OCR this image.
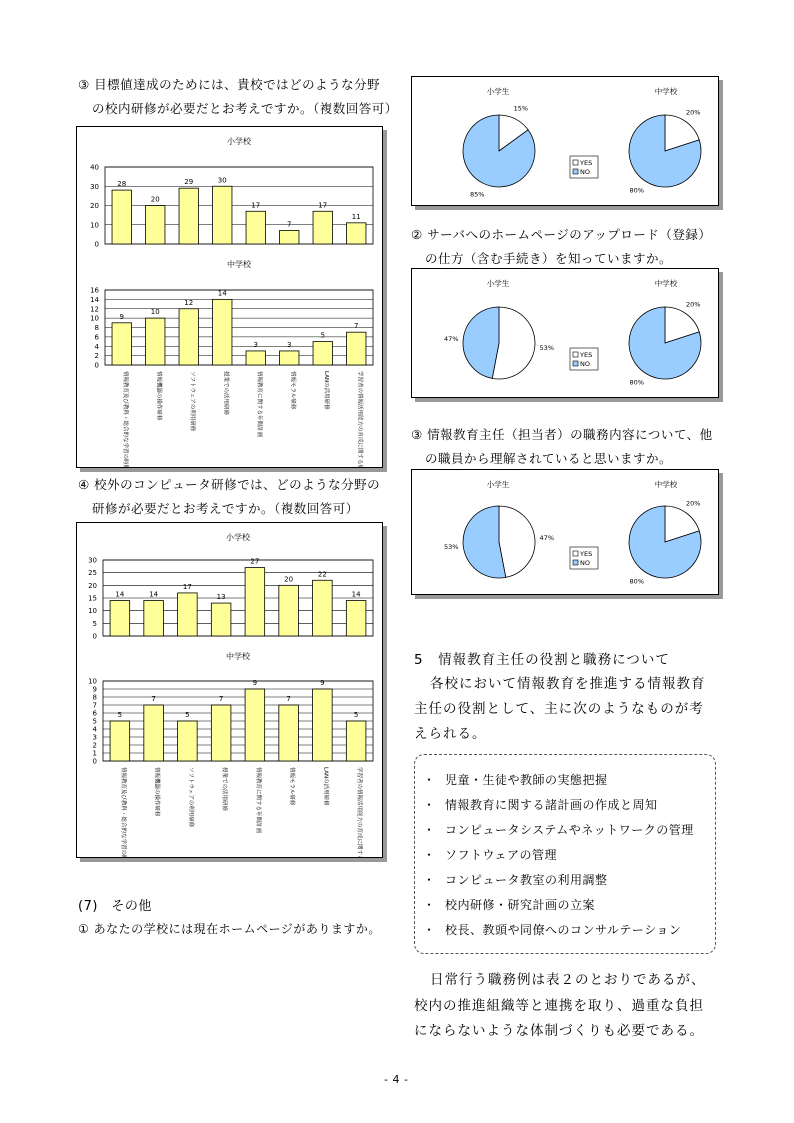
③ 目標値達成のためには、貴校ではどのような分野
の校内研修が必要だとお考えですか。（複数回答可）
小学校
0
10
20
30
40
28
20
29	30
17
7
17
11
中学校
0
2
4
6
8
10
12
14
16
9
10
12
14
3	3
5
7
情報教育及び教科・総合的な学習の時間での活用	情報機器の操作研修	ソフトウェアの利用研修	授業での活用研修	情報教育に関する年間計画	情報モラル研修	LANの活用研修	学習者の情報活用能力の育成に関する研修
④ 校外のコンピュータ研修では、どのような分野の
研修が必要だとお考えですか。（複数回答可）
小学校
0
5
10
15
20
25
30
14	14
17
13
27
20
22
14
中学校
0
1
2
3
4
5
6
7
8
9
10
5
7
5
7
9
7
9
5
情報教育及び教科・総合的な学習の時間での活用	情報機器の操作研修	ソフトウェアの利用研修	授業での活用研修	情報教育に関する年間計画	情報モラル研修	LANの活用研修	学習者の情報活用能力の育成に関する研修
(7)　その他
① あなたの学校には現在ホームページがありますか。
小学生	中学校
15%
85%
20%
80%
YES
NO
② サーバへのホームページのアップロード（登録）
の仕方（含む手続き）を知っていますか。
小学生	中学校
53%
47%
20%
80%
YES
NO
③ 情報教育主任（担当者）の職務内容について、他
の職員から理解されていると思いますか。
小学生	中学校
47%
53%
20%
80%
YES
NO
5　情報教育主任の役割と職務について
各校において情報教育を推進する情報教育
主任の役割として、主に次のようなものが考
えられる。
・ 児童・生徒や教師の実態把握
・ 情報教育に関する諸計画の作成と周知
・ コンピュータシステムやネットワークの管理
・ ソフトウェアの管理
・ コンピュータ教室の利用調整
・ 校内研修・研究計画の立案
・ 校長、教頭や同僚へのコンサルテーション
日常行う職務例は表２のとおりであるが、
校内の推進組織等と連携を取り、過重な負担
にならないような体制づくりも必要である。
- 4 -
